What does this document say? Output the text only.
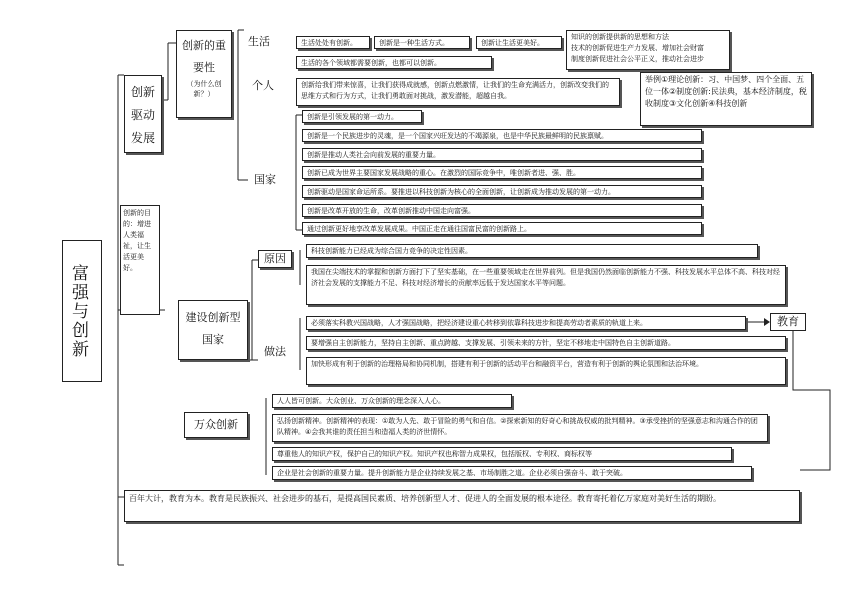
富强与创新
创新驱动发展
创新的目的：增进人类福祉，让生活更美好。
创新的重要性
（为什么创新？）
生活	生活处处有创新。	创新是一种生活方式。	创新让生活更美好。
生活的各个领域都需要创新，也都可以创新。
知识的创新提供新的思想和方法
技术的创新促进生产力发展、增加社会财富
制度创新促进社会公平正义，推动社会进步
个人	创新给我们带来惊喜，让我们获得成就感，创新点燃激情，让我们的生命充满活力，创新改变我们的思维方式和行为方式，让我们勇敢面对挑战，激发潜能，超越自我。
举例①理论创新：习、中国梦、四个全面、五位一体②制度创新:民法典，基本经济制度，税收制度③文化创新④科技创新
国家
创新是引领发展的第一动力。
创新是一个民族进步的灵魂，是一个国家兴旺发达的不竭源泉，也是中华民族最鲜明的民族禀赋。
创新是推动人类社会向前发展的重要力量。
创新已成为世界主要国家发展战略的重心。在激烈的国际竞争中，唯创新者进、强、胜。
创新驱动是国家命运所系。要推进以科技创新为核心的全面创新，让创新成为推动发展的第一动力。
创新是改革开放的生命，改革创新推动中国走向富强。
通过创新更好地享改革发展成果。中国正走在通往国富民富的创新路上。
建设创新型国家
原因
科技创新能力已经成为综合国力竞争的决定性因素。
我国在尖端技术的掌握和创新方面打下了坚实基础，在一些重要领域走在世界前列。但是我国仍然面临创新能力不强、科技发展水平总体不高、科技对经济社会发展的支撑能力不足、科技对经济增长的贡献率远低于发达国家水平等问题。
做法
必须落实科教兴国战略，人才强国战略，把经济建设重心转移到依靠科技进步和提高劳动者素质的轨道上来。
要增强自主创新能力，坚持自主创新、重点跨越、支撑发展、引领未来的方针，坚定不移地走中国特色自主创新道路。
加快形成有利于创新的治理格局和协同机制，搭建有利于创新的活动平台和融资平台，营造有利于创新的舆论氛围和法治环境。
教育
万众创新
人人皆可创新。大众创业、万众创新的理念深入人心。
弘扬创新精神。创新精神的表现：①敢为人先、敢于冒险的勇气和自信。②探索新知的好奇心和挑战权威的批判精神。③承受挫折的坚强意志和沟通合作的团队精神。④会我其谁的责任担当和造福人类的济世情怀。
尊重他人的知识产权，保护自己的知识产权。知识产权也称智力成果权，包括版权、专利权、商标权等
企业是社会创新的重要力量。提升创新能力是企业持续发展之基、市场制胜之道。企业必须自强奋斗、敢于突破。
百年大计，教育为本。教育是民族振兴、社会进步的基石，是提高国民素质、培养创新型人才、促进人的全面发展的根本途径。教育寄托着亿万家庭对美好生活的期盼。
